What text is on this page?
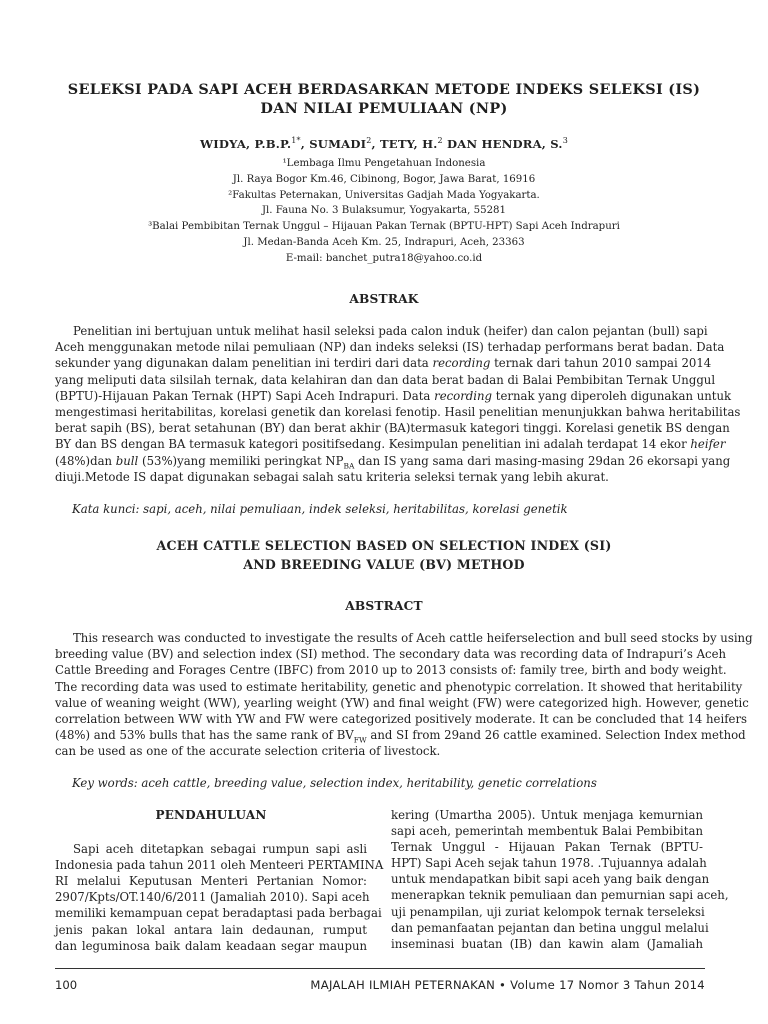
SELEKSI PADA SAPI ACEH BERDASARKAN METODE INDEKS SELEKSI (IS)
DAN NILAI PEMULIAAN (NP)
WIDYA, P.B.P.$^{1*}$, SUMADI$^2$, TETY, H.$^2$ DAN HENDRA, S.$^3$
¹Lembaga Ilmu Pengetahuan Indonesia
Jl. Raya Bogor Km.46, Cibinong, Bogor, Jawa Barat, 16916
²Fakultas Peternakan, Universitas Gadjah Mada Yogyakarta.
Jl. Fauna No. 3 Bulaksumur, Yogyakarta, 55281
³Balai Pembibitan Ternak Unggul – Hijauan Pakan Ternak (BPTU-HPT) Sapi Aceh Indrapuri
Jl. Medan-Banda Aceh Km. 25, Indrapuri, Aceh, 23363
E-mail: banchet_putra18@yahoo.co.id
ABSTRAK
Penelitian ini bertujuan untuk melihat hasil seleksi pada calon induk (heifer) dan calon pejantan (bull) sapi
Aceh menggunakan metode nilai pemuliaan (NP) dan indeks seleksi (IS) terhadap performans berat badan. Data
sekunder yang digunakan dalam penelitian ini terdiri dari data recording ternak dari tahun 2010 sampai 2014
yang meliputi data silsilah ternak, data kelahiran dan dan data berat badan di Balai Pembibitan Ternak Unggul
(BPTU)-Hijauan Pakan Ternak (HPT) Sapi Aceh Indrapuri. Data recording ternak yang diperoleh digunakan untuk
mengestimasi heritabilitas, korelasi genetik dan korelasi fenotip. Hasil penelitian menunjukkan bahwa heritabilitas
berat sapih (BS), berat setahunan (BY) dan berat akhir (BA)termasuk kategori tinggi. Korelasi genetik BS dengan
BY dan BS dengan BA termasuk kategori positifsedang. Kesimpulan penelitian ini adalah terdapat 14 ekor heifer
(48%)dan bull (53%)yang memiliki peringkat $NP_{BA}$ dan IS yang sama dari masing-masing 29dan 26 ekorsapi yang
diuji.Metode IS dapat digunakan sebagai salah satu kriteria seleksi ternak yang lebih akurat.
Kata kunci: sapi, aceh, nilai pemuliaan, indek seleksi, heritabilitas, korelasi genetik
ACEH CATTLE SELECTION BASED ON SELECTION INDEX (SI)
AND BREEDING VALUE (BV) METHOD
ABSTRACT
This research was conducted to investigate the results of Aceh cattle heiferselection and bull seed stocks by using
breeding value (BV) and selection index (SI) method. The secondary data was recording data of Indrapuri’s Aceh
Cattle Breeding and Forages Centre (IBFC) from 2010 up to 2013 consists of: family tree, birth and body weight.
The recording data was used to estimate heritability, genetic and phenotypic correlation. It showed that heritability
value of weaning weight (WW), yearling weight (YW) and final weight (FW) were categorized high. However, genetic
correlation between WW with YW and FW were categorized positively moderate. It can be concluded that 14 heifers
(48%) and 53% bulls that has the same rank of $BV_{FW}$ and SI from 29and 26 cattle examined. Selection Index method
can be used as one of the accurate selection criteria of livestock.
Key words: aceh cattle, breeding value, selection index, heritability, genetic correlations
PENDAHULUAN
Sapi aceh ditetapkan sebagai rumpun sapi asli
Indonesia pada tahun 2011 oleh Menteeri PERTAMINA
RI melalui Keputusan Menteri Pertanian Nomor:
2907/Kpts/OT.140/6/2011 (Jamaliah 2010). Sapi aceh
memiliki kemampuan cepat beradaptasi pada berbagai
jenis pakan lokal antara lain dedaunan, rumput
dan leguminosa baik dalam keadaan segar maupun
kering (Umartha 2005). Untuk menjaga kemurnian
sapi aceh, pemerintah membentuk Balai Pembibitan
Ternak Unggul - Hijauan Pakan Ternak (BPTU-
HPT) Sapi Aceh sejak tahun 1978. .Tujuannya adalah
untuk mendapatkan bibit sapi aceh yang baik dengan
menerapkan teknik pemuliaan dan pemurnian sapi aceh,
uji penampilan, uji zuriat kelompok ternak terseleksi
dan pemanfaatan pejantan dan betina unggul melalui
inseminasi buatan (IB) dan kawin alam (Jamaliah
100	MAJALAH ILMIAH PETERNAKAN • Volume 17 Nomor 3 Tahun 2014
